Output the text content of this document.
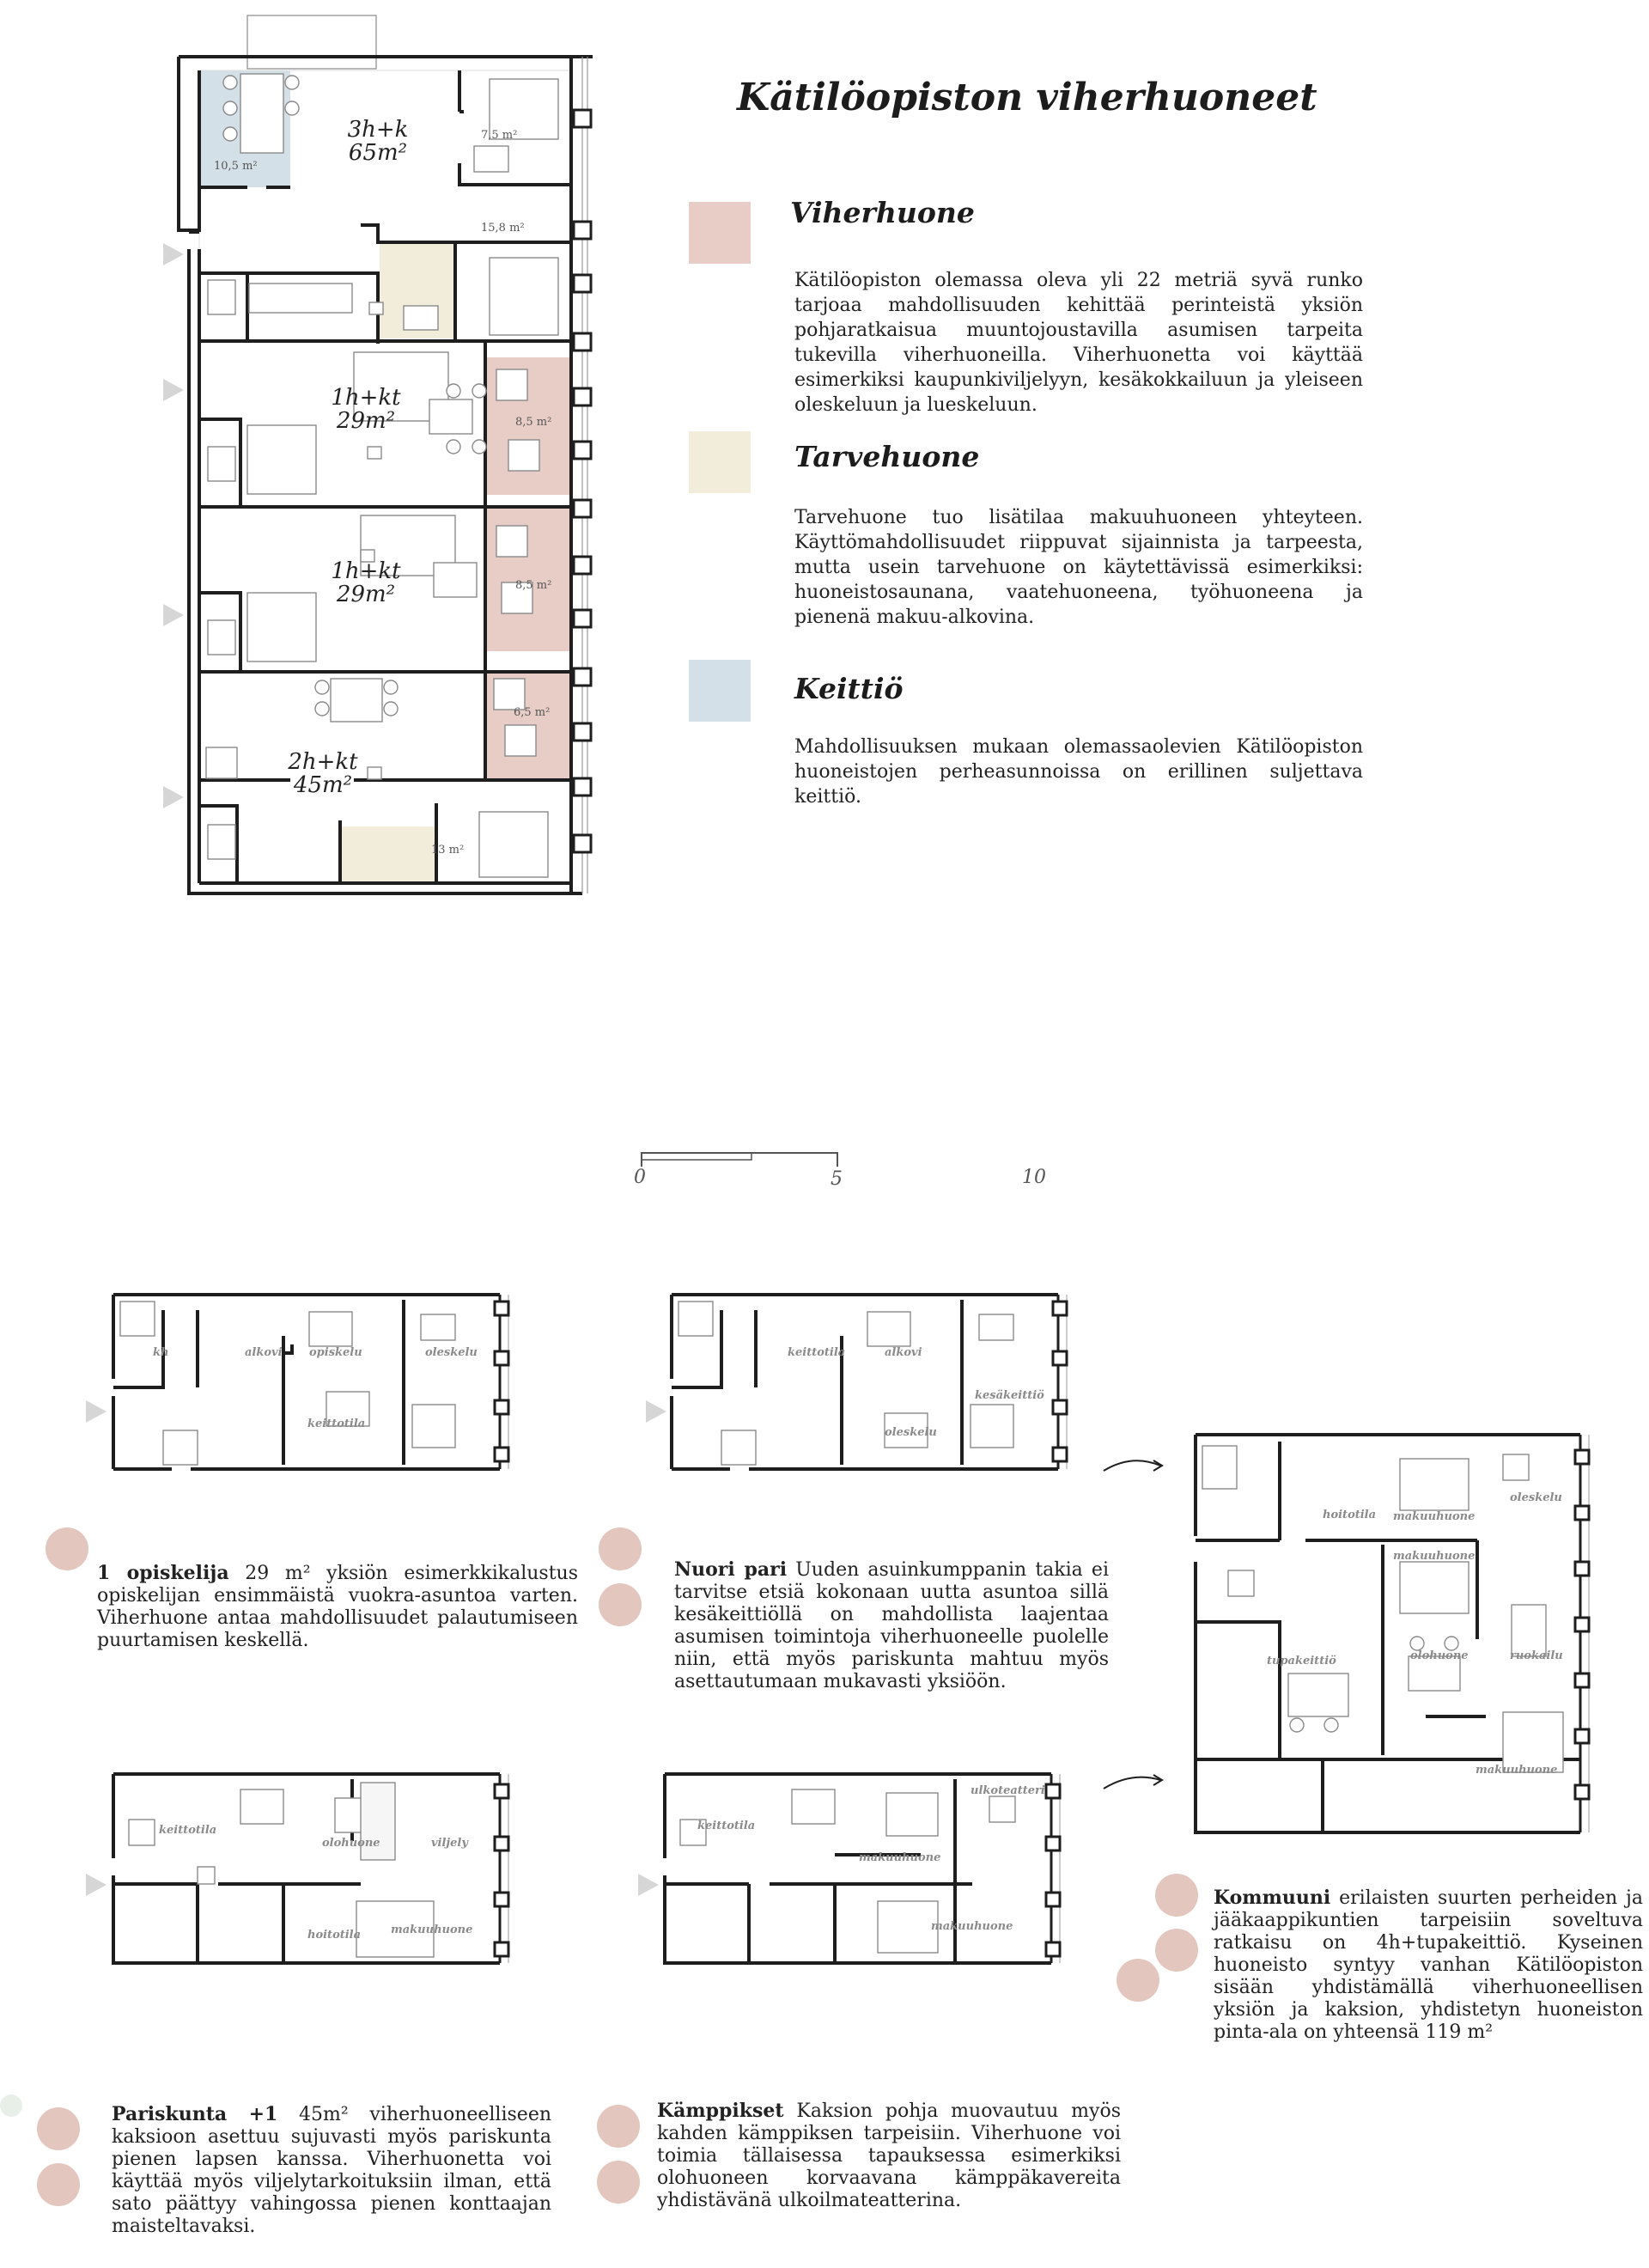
Kätilöopiston viherhuoneet
Viherhuone

Kätilöopiston olemassa oleva yli 22 metriä syvä runko tarjoaa mahdollisuuden kehittää perinteistä yksiön pohjaratkaisua muuntojoustavilla asumisen tarpeita tukevilla viherhuoneilla. Viherhuonetta voi käyttää esimerkiksi kaupunkiviljelyyn, kesäkokkailuun ja yleiseen oleskeluun ja lueskeluun.

Tarvehuone

Tarvehuone tuo lisätilaa makuuhuoneen yhteyteen. Käyttömahdollisuudet riippuvat sijainnista ja tarpeesta, mutta usein tarvehuone on käytettävissä esimerkiksi: huoneistosaunana, vaatehuoneena, työhuoneena ja pienenä makuu-alkovina.

Keittiö

Mahdollisuuksen mukaan olemassaolevien Kätilöopiston huoneistojen perheasunnoissa on erillinen suljettava keittiö.

3h+k
65m²
1h+kt
29m²
1h+kt
29m²
2h+kt
45m²
10,5 m²
7,5 m²
15,8 m²
8,5 m²
8,5 m²
6,5 m²
13 m²
0	5	10
kh	alkovi opiskelu	oleskelu
keittotila
keittotila	alkovi
kesäkeittiö
oleskelu
hoitotila makuuhuone
oleskelu
makuuhuone
tupakeittiö	olohuone	ruokailu
makuuhuone
keittotila
olohuone	viljely
hoitotila	makuuhuone
keittotila
ulkoteatteri
makuuhuone
makuuhuone

1 opiskelija 29 m² yksiön esimerkkikalustus opiskelijan ensimmäistä vuokra-asuntoa varten. Viherhuone antaa mahdollisuudet palautumiseen puurtamisen keskellä.

Nuori pari Uuden asuinkumppanin takia ei tarvitse etsiä kokonaan uutta asuntoa sillä kesäkeittiöllä on mahdollista laajentaa asumisen toimintoja viherhuoneelle puolelle niin, että myös pariskunta mahtuu myös asettautumaan mukavasti yksiöön.

Kommuuni erilaisten suurten perheiden ja jääkaappikuntien tarpeisiin soveltuva ratkaisu on 4h+tupakeittiö. Kyseinen huoneisto syntyy vanhan Kätilöopiston sisään yhdistämällä viherhuoneellisen yksiön ja kaksion, yhdistetyn huoneiston pinta-ala on yhteensä 119 m²

Pariskunta +1 45m² viherhuoneelliseen kaksioon asettuu sujuvasti myös pariskunta pienen lapsen kanssa. Viherhuonetta voi käyttää myös viljelytarkoituksiin ilman, että sato päättyy vahingossa pienen konttaajan maisteltavaksi.

Kämppikset Kaksion pohja muovautuu myös kahden kämppiksen tarpeisiin. Viherhuone voi toimia tällaisessa tapauksessa esimerkiksi olohuoneen korvaavana kämppäkavereita yhdistävänä ulkoilmateatterina.
